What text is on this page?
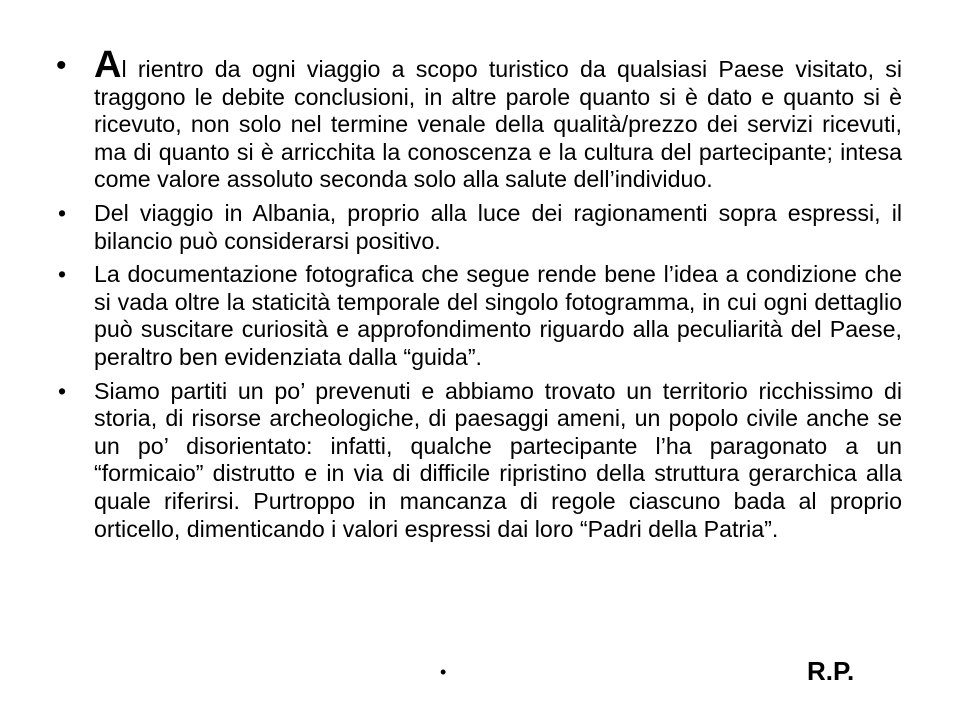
• Al rientro da ogni viaggio a scopo turistico da qualsiasi Paese visitato, si traggono le debite conclusioni, in altre parole quanto si è dato e quanto si è ricevuto, non solo nel termine venale della qualità/prezzo dei servizi ricevuti, ma di quanto si è arricchita la conoscenza e la cultura del partecipante; intesa come valore assoluto seconda solo alla salute dell’individuo.
• Del viaggio in Albania, proprio alla luce dei ragionamenti sopra espressi, il bilancio può considerarsi positivo.
• La documentazione fotografica che segue rende bene l’idea a condizione che si vada oltre la staticità temporale del singolo fotogramma, in cui ogni dettaglio può suscitare curiosità e approfondimento riguardo alla peculiarità del Paese, peraltro ben evidenziata dalla “guida”.
• Siamo partiti un po’ prevenuti e abbiamo trovato un territorio ricchissimo di storia, di risorse archeologiche, di paesaggi ameni, un popolo civile anche se un po’ disorientato: infatti, qualche partecipante l’ha paragonato a un “formicaio” distrutto e in via di difficile ripristino della struttura gerarchica alla quale riferirsi. Purtroppo in mancanza di regole ciascuno bada al proprio orticello, dimenticando i valori espressi dai loro “Padri della Patria”.
•	R.P.
